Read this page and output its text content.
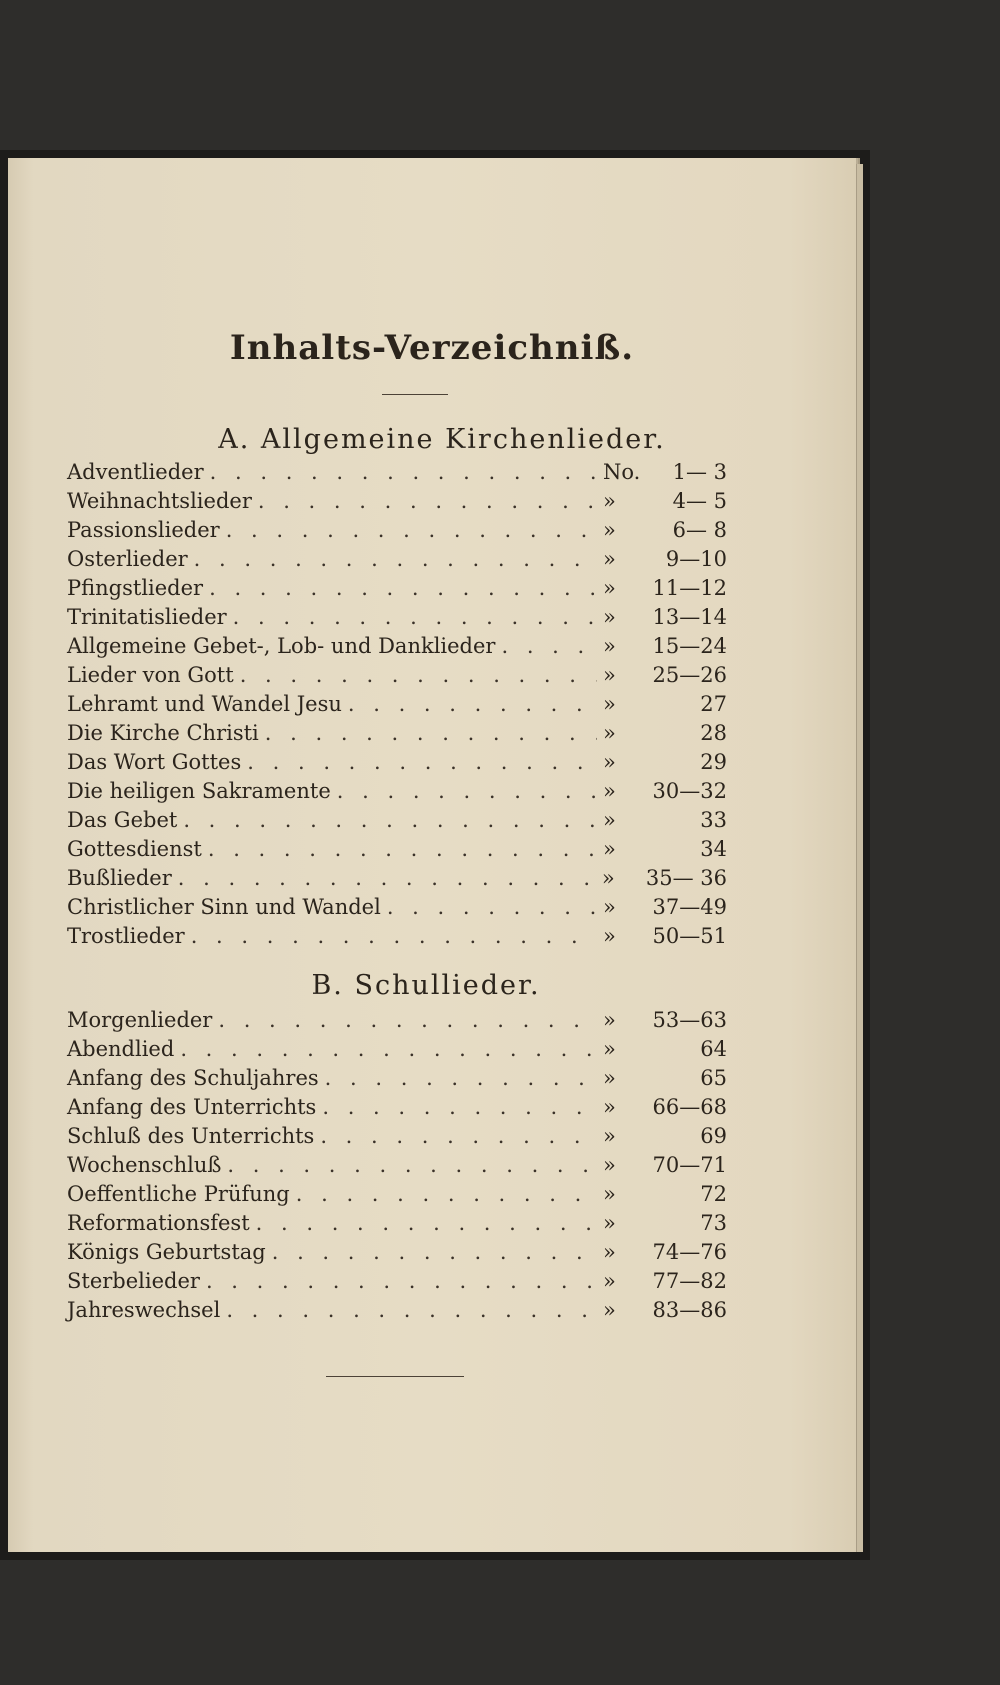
Inhalts-Verzeichniß.
A. Allgemeine Kirchenlieder.
Adventlieder . . .	No.	1— 3
Weihnachtslieder . . .	»	4— 5
Passionslieder . . .	»	6— 8
Osterlieder . . .	»	9—10
Pfingstlieder . . .	»	11—12
Trinitatislieder . . .	»	13—14
Allgemeine Gebet-, Lob- und Danklieder . . .	»	15—24
Lieder von Gott . . .	»	25—26
Lehramt und Wandel Jesu . . .	»	27
Die Kirche Christi . . .	»	28
Das Wort Gottes . . .	»	29
Die heiligen Sakramente . . .	»	30—32
Das Gebet . . .	»	33
Gottesdienst . . .	»	34
Bußlieder . . .	»	35— 36
Christlicher Sinn und Wandel . . .	»	37—49
Trostlieder . . .	»	50—51
B. Schullieder.
Morgenlieder . . .	»	53—63
Abendlied . . .	»	64
Anfang des Schuljahres . . .	»	65
Anfang des Unterrichts . . .	»	66—68
Schluß des Unterrichts . . .	»	69
Wochenschluß . . .	»	70—71
Oeffentliche Prüfung . . .	»	72
Reformationsfest . . .	»	73
Königs Geburtstag . . .	»	74—76
Sterbelieder . . .	»	77—82
Jahreswechsel . . .	»	83—86
